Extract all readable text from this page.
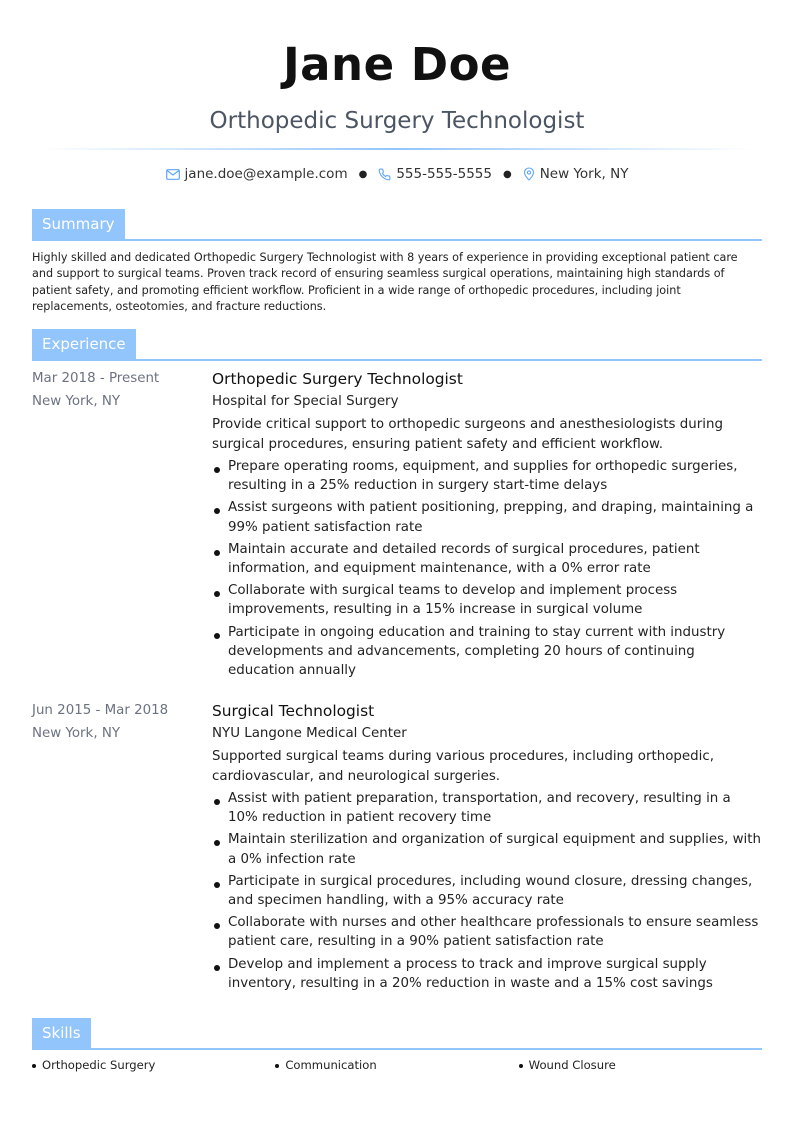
Jane Doe
Orthopedic Surgery Technologist
jane.doe@example.com ● 555-555-5555 ● New York, NY
Summary
Highly skilled and dedicated Orthopedic Surgery Technologist with 8 years of experience in providing exceptional patient care and support to surgical teams. Proven track record of ensuring seamless surgical operations, maintaining high standards of patient safety, and promoting efficient workflow. Proficient in a wide range of orthopedic procedures, including joint replacements, osteotomies, and fracture reductions.
Experience
Mar 2018 - Present
New York, NY
Orthopedic Surgery Technologist
Hospital for Special Surgery
Provide critical support to orthopedic surgeons and anesthesiologists during surgical procedures, ensuring patient safety and efficient workflow.
Prepare operating rooms, equipment, and supplies for orthopedic surgeries, resulting in a 25% reduction in surgery start-time delays
Assist surgeons with patient positioning, prepping, and draping, maintaining a 99% patient satisfaction rate
Maintain accurate and detailed records of surgical procedures, patient information, and equipment maintenance, with a 0% error rate
Collaborate with surgical teams to develop and implement process improvements, resulting in a 15% increase in surgical volume
Participate in ongoing education and training to stay current with industry developments and advancements, completing 20 hours of continuing education annually
Jun 2015 - Mar 2018
New York, NY
Surgical Technologist
NYU Langone Medical Center
Supported surgical teams during various procedures, including orthopedic, cardiovascular, and neurological surgeries.
Assist with patient preparation, transportation, and recovery, resulting in a 10% reduction in patient recovery time
Maintain sterilization and organization of surgical equipment and supplies, with a 0% infection rate
Participate in surgical procedures, including wound closure, dressing changes, and specimen handling, with a 95% accuracy rate
Collaborate with nurses and other healthcare professionals to ensure seamless patient care, resulting in a 90% patient satisfaction rate
Develop and implement a process to track and improve surgical supply inventory, resulting in a 20% reduction in waste and a 15% cost savings
Skills
Orthopedic Surgery	Communication	Wound Closure
